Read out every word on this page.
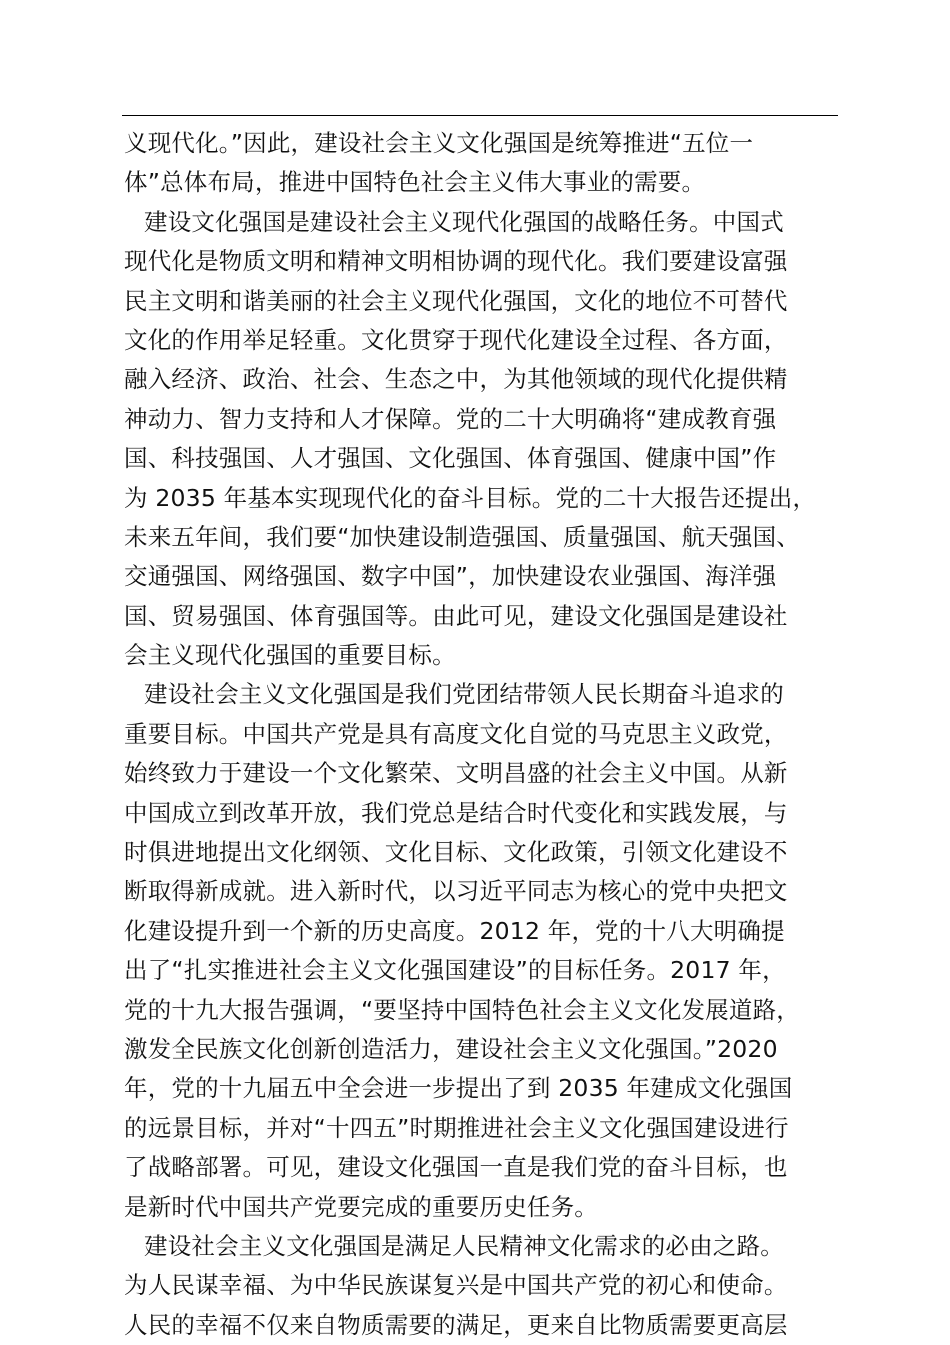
义现代化。”因此，建设社会主义文化强国是统筹推进“五位一
体”总体布局，推进中国特色社会主义伟大事业的需要。
建设文化强国是建设社会主义现代化强国的战略任务。中国式
现代化是物质文明和精神文明相协调的现代化。我们要建设富强
民主文明和谐美丽的社会主义现代化强国，文化的地位不可替代
文化的作用举足轻重。文化贯穿于现代化建设全过程、各方面，
融入经济、政治、社会、生态之中，为其他领域的现代化提供精
神动力、智力支持和人才保障。党的二十大明确将“建成教育强
国、科技强国、人才强国、文化强国、体育强国、健康中国”作
为 2035 年基本实现现代化的奋斗目标。党的二十大报告还提出，
未来五年间，我们要“加快建设制造强国、质量强国、航天强国、
交通强国、网络强国、数字中国”，加快建设农业强国、海洋强
国、贸易强国、体育强国等。由此可见，建设文化强国是建设社
会主义现代化强国的重要目标。
建设社会主义文化强国是我们党团结带领人民长期奋斗追求的
重要目标。中国共产党是具有高度文化自觉的马克思主义政党，
始终致力于建设一个文化繁荣、文明昌盛的社会主义中国。从新
中国成立到改革开放，我们党总是结合时代变化和实践发展，与
时俱进地提出文化纲领、文化目标、文化政策，引领文化建设不
断取得新成就。进入新时代，以习近平同志为核心的党中央把文
化建设提升到一个新的历史高度。2012 年，党的十八大明确提
出了“扎实推进社会主义文化强国建设”的目标任务。2017 年，
党的十九大报告强调，“要坚持中国特色社会主义文化发展道路，
激发全民族文化创新创造活力，建设社会主义文化强国。”2020
年，党的十九届五中全会进一步提出了到 2035 年建成文化强国
的远景目标，并对“十四五”时期推进社会主义文化强国建设进行
了战略部署。可见，建设文化强国一直是我们党的奋斗目标，也
是新时代中国共产党要完成的重要历史任务。
建设社会主义文化强国是满足人民精神文化需求的必由之路。
为人民谋幸福、为中华民族谋复兴是中国共产党的初心和使命。
人民的幸福不仅来自物质需要的满足，更来自比物质需要更高层
